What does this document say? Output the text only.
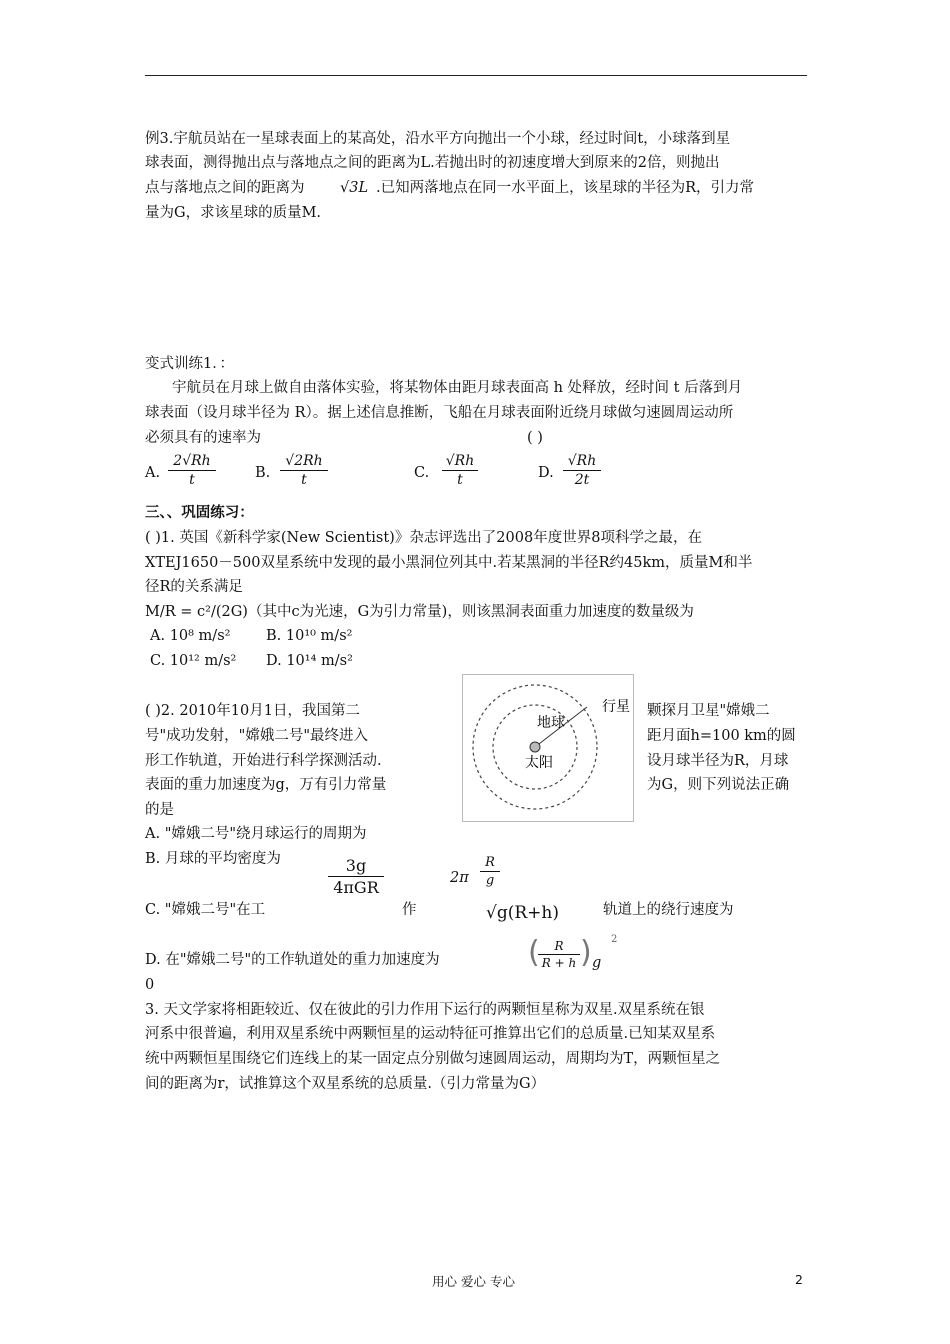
例3.宇航员站在一星球表面上的某高处，沿水平方向抛出一个小球，经过时间t，小球落到星
球表面，测得抛出点与落地点之间的距离为L.若抛出时的初速度增大到原来的2倍，则抛出
点与落地点之间的距离为 √3L .已知两落地点在同一水平面上，该星球的半径为R，引力常
量为G，求该星球的质量M.
变式训练1．：
宇航员在月球上做自由落体实验，将某物体由距月球表面高 h 处释放，经时间 t 后落到月
球表面（设月球半径为 R）。据上述信息推断，飞船在月球表面附近绕月球做匀速圆周运动所
必须具有的速率为	( )
A.
2√Rh
t	B.
√2Rh
t	C.
√Rh
t	D.
√Rh
2t
三、、巩固练习：
( )1. 英国《新科学家(New Scientist)》杂志评选出了2008年度世界8项科学之最，在
XTEJ1650－500双星系统中发现的最小黑洞位列其中.若某黑洞的半径R约45km，质量M和半
径R的关系满足
M/R = c²/(2G)（其中c为光速，G为引力常量)，则该黑洞表面重力加速度的数量级为
A. 10⁸ m/s² B. 10¹⁰ m/s²
C. 10¹² m/s² D. 10¹⁴ m/s²
( )2. 2010年10月1日，我国第二
号"成功发射，"嫦娥二号"最终进入
形工作轨道，开始进行科学探测活动.
表面的重力加速度为g，万有引力常量
的是
行星
地球
太阳
颗探月卫星"嫦娥二
距月面h=100 km的圆
设月球半径为R，月球
为G，则下列说法正确
A. "嫦娥二号"绕月球运行的周期为
B. 月球的平均密度为	3g
4πGR	2π
R
g
C. "嫦娥二号"在工	作	√g(R+h)	轨道上的绕行速度为
D. 在"嫦娥二号"的工作轨道处的重力加速度为	(	R
R + h ) 2
g
0
3. 天文学家将相距较近、仅在彼此的引力作用下运行的两颗恒星称为双星.双星系统在银
河系中很普遍，利用双星系统中两颗恒星的运动特征可推算出它们的总质量.已知某双星系
统中两颗恒星围绕它们连线上的某一固定点分别做匀速圆周运动，周期均为T，两颗恒星之
间的距离为r，试推算这个双星系统的总质量.（引力常量为G）
用心 爱心 专心	2
